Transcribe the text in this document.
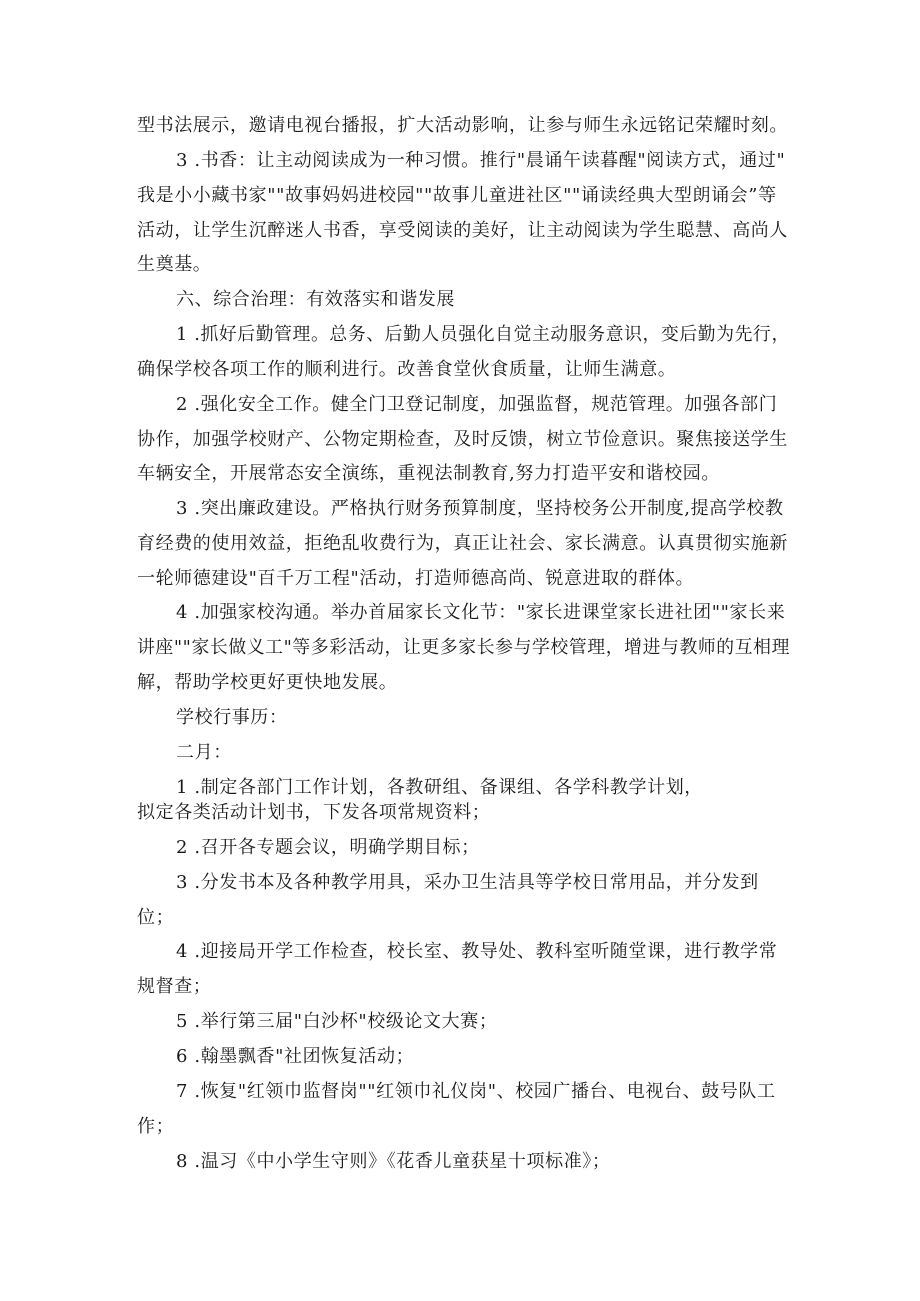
型书法展示，邀请电视台播报，扩大活动影响，让参与师生永远铭记荣耀时刻。
3 .书香：让主动阅读成为一种习惯。推行"晨诵午读暮醒"阅读方式，通过"
我是小小藏书家""故事妈妈进校园""故事儿童进社区""诵读经典大型朗诵会”等
活动，让学生沉醉迷人书香，享受阅读的美好，让主动阅读为学生聪慧、高尚人
生奠基。
六、综合治理：有效落实和谐发展
1 .抓好后勤管理。总务、后勤人员强化自觉主动服务意识，变后勤为先行，
确保学校各项工作的顺利进行。改善食堂伙食质量，让师生满意。
2 .强化安全工作。健全门卫登记制度，加强监督，规范管理。加强各部门
协作，加强学校财产、公物定期检查，及时反馈，树立节俭意识。聚焦接送学生
车辆安全，开展常态安全演练，重视法制教育,努力打造平安和谐校园。
3 .突出廉政建设。严格执行财务预算制度，坚持校务公开制度,提高学校教
育经费的使用效益，拒绝乱收费行为，真正让社会、家长满意。认真贯彻实施新
一轮师德建设"百千万工程"活动，打造师德高尚、锐意进取的群体。
4 .加强家校沟通。举办首届家长文化节："家长进课堂家长进社团""家长来
讲座""家长做义工"等多彩活动，让更多家长参与学校管理，增进与教师的互相理
解，帮助学校更好更快地发展。
学校行事历：
二月：
1 .制定各部门工作计划，各教研组、备课组、各学科教学计划，
拟定各类活动计划书，下发各项常规资料；
2 .召开各专题会议，明确学期目标；
3 .分发书本及各种教学用具，采办卫生洁具等学校日常用品，并分发到
位；
4 .迎接局开学工作检查，校长室、教导处、教科室听随堂课，进行教学常
规督查；
5 .举行第三届"白沙杯"校级论文大赛；
6 .翰墨飘香"社团恢复活动；
7 .恢复"红领巾监督岗""红领巾礼仪岗"、校园广播台、电视台、鼓号队工
作；
8 .温习《中小学生守则》《花香儿童获星十项标准》；
